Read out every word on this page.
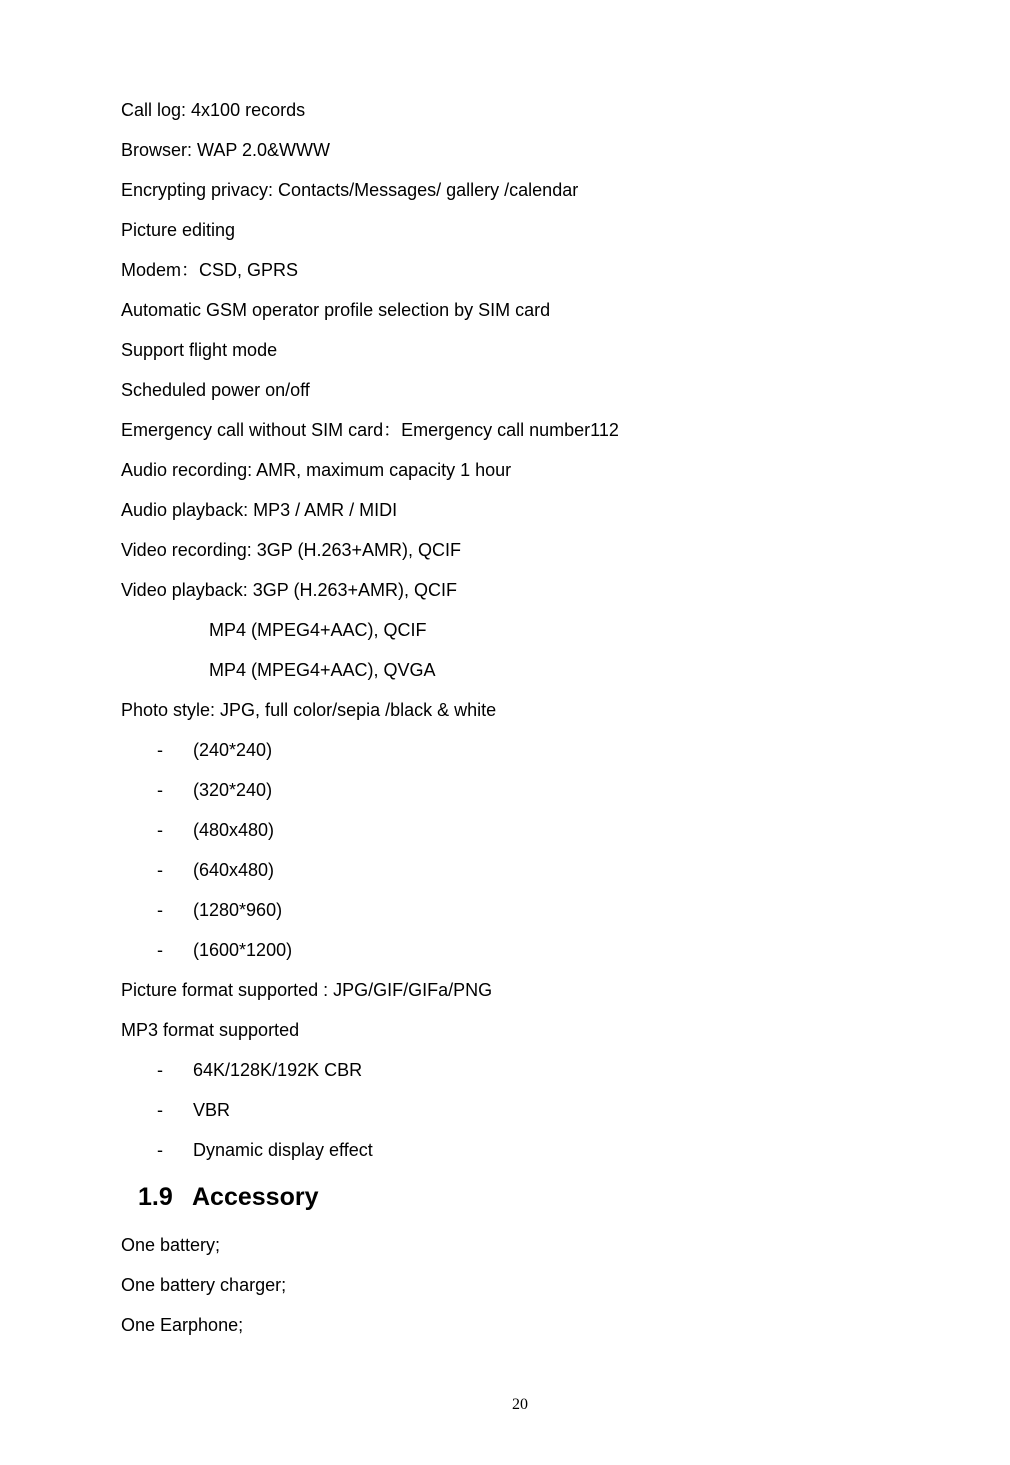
Call log: 4x100 records
Browser: WAP 2.0&WWW
Encrypting privacy: Contacts/Messages/ gallery /calendar
Picture editing
Modem：CSD, GPRS
Automatic GSM operator profile selection by SIM card
Support flight mode
Scheduled power on/off
Emergency call without SIM card：Emergency call number112
Audio recording: AMR, maximum capacity 1 hour
Audio playback: MP3 / AMR / MIDI
Video recording: 3GP (H.263+AMR), QCIF
Video playback: 3GP (H.263+AMR), QCIF
MP4 (MPEG4+AAC), QCIF
MP4 (MPEG4+AAC), QVGA
Photo style: JPG, full color/sepia /black & white
-	(240*240)
-	(320*240)
-	(480x480)
-	(640x480)
-	(1280*960)
-	(1600*1200)
Picture format supported : JPG/GIF/GIFa/PNG
MP3 format supported
-	64K/128K/192K CBR
-	VBR
-	Dynamic display effect
1.9 Accessory
One battery;
One battery charger;
One Earphone;
20
